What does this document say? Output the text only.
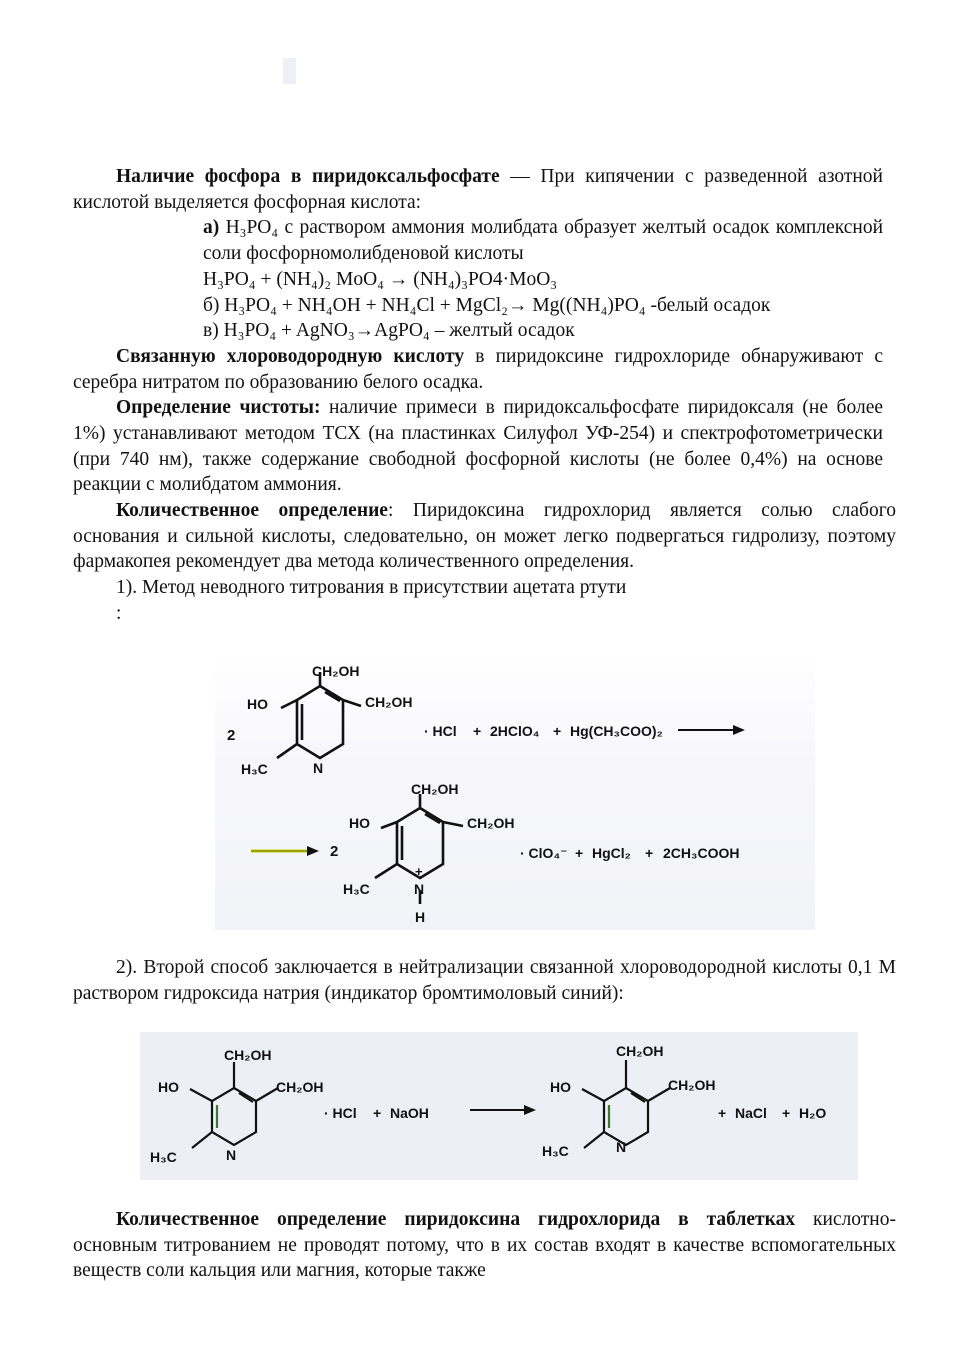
Наличие фосфора в пиридоксальфосфате — При кипячении с разведенной азотной кислотой выделяется фосфорная кислота:

а) H₃PO₄ с раствором аммония молибдата образует желтый осадок комплексной соли фосфорномолибденовой кислоты

H₃PO₄ + (NH₄)₂ MoO₄ → (NH₄)₃PO4·MoO₃

б) H₃PO₄ + NH₄OH + NH₄Cl + MgCl₂→ Mg((NH₄)PO₄ -белый осадок

в) H₃PO₄ + AgNO₃→AgPO₄ – желтый осадок

Связанную хлороводородную кислоту в пиридоксине гидрохлориде обнаруживают с серебра нитратом по образованию белого осадка.

Определение чистоты: наличие примеси в пиридоксальфосфате пиридоксаля (не более 1%) устанавливают методом ТСХ (на пластинках Силуфол УФ-254) и спектрофотометрически (при 740 нм), также содержание свободной фосфорной кислоты (не более 0,4%) на основе реакции с молибдатом аммония.

Количественное определение: Пиридоксина гидрохлорид является солью слабого основания и сильной кислоты, следовательно, он может легко подвергаться гидролизу, поэтому фармакопея рекомендует два метода количественного определения.

1). Метод неводного титрования в присутствии ацетата ртути

:

CH₂OH
HO	CH₂OH
H₃C	N
2	· HCl + 2HClO₄ + Hg(CH₃COO)₂
2
CH₂OH
HO	CH₂OH
H₃C	N
+
H
· ClO₄⁻ + HgCl₂ + 2CH₃COOH

2). Второй способ заключается в нейтрализации связанной хлороводородной кислоты 0,1 М раствором гидроксида натрия (индикатор бромтимоловый синий):

CH₂OH
HO	CH₂OH
H₃C	N
· HCl + NaOH
CH₂OH
HO	CH₂OH
H₃C	N
+ NaCl + H₂O

Количественное определение пиридоксина гидрохлорида в таблетках кислотно-основным титрованием не проводят потому, что в их состав входят в качестве вспомогательных веществ соли кальция или магния, которые также
